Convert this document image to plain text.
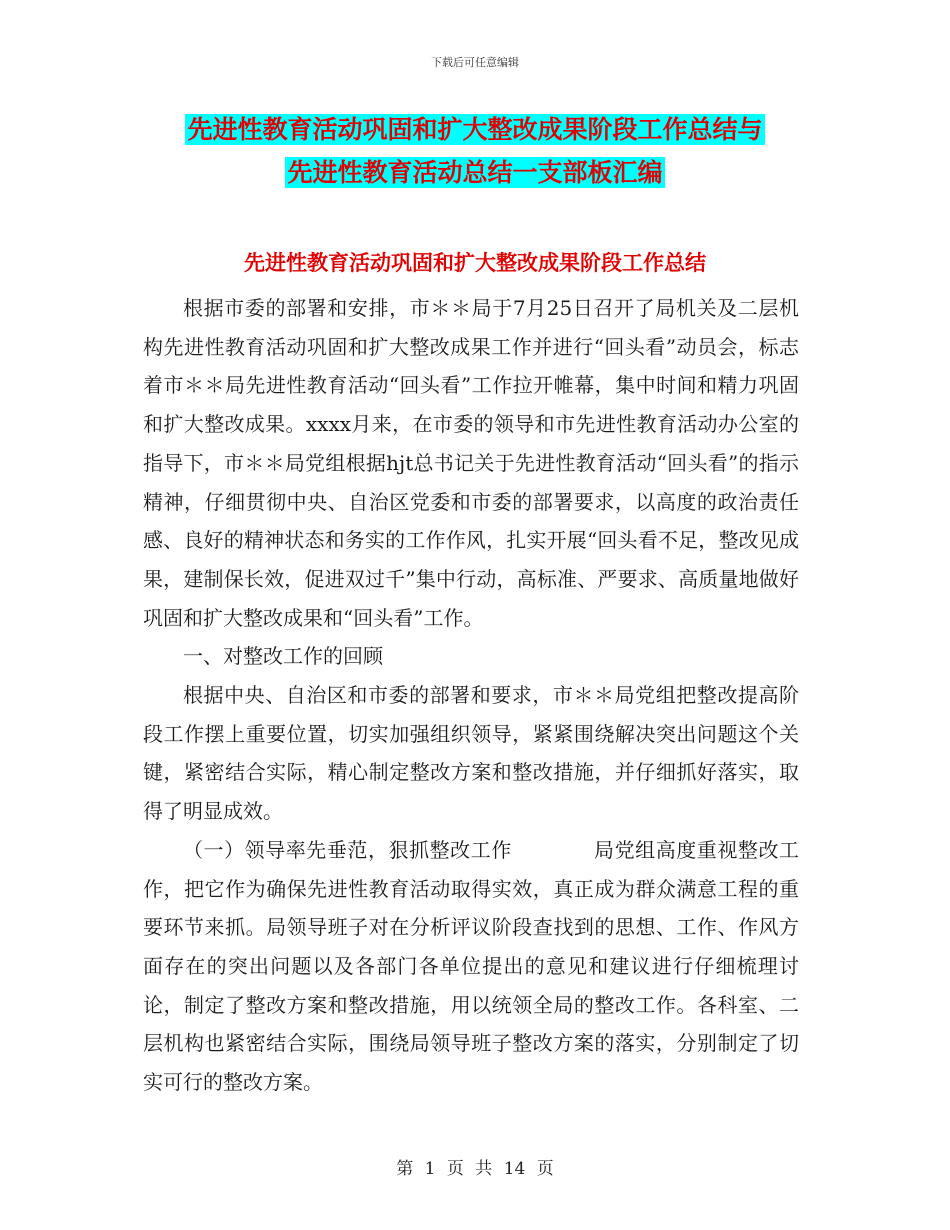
下载后可任意编辑
先进性教育活动巩固和扩大整改成果阶段工作总结与
先进性教育活动总结一支部板汇编
先进性教育活动巩固和扩大整改成果阶段工作总结

根据市委的部署和安排，市＊＊局于7月25日召开了局机关及二层机构先进性教育活动巩固和扩大整改成果工作并进行“回头看”动员会，标志着市＊＊局先进性教育活动“回头看”工作拉开帷幕，集中时间和精力巩固和扩大整改成果。xxxx月来，在市委的领导和市先进性教育活动办公室的指导下，市＊＊局党组根据hjt总书记关于先进性教育活动“回头看”的指示精神，仔细贯彻中央、自治区党委和市委的部署要求，以高度的政治责任感、良好的精神状态和务实的工作作风，扎实开展“回头看不足，整改见成果，建制保长效，促进双过千”集中行动，高标准、严要求、高质量地做好巩固和扩大整改成果和“回头看”工作。

一、对整改工作的回顾

根据中央、自治区和市委的部署和要求，市＊＊局党组把整改提高阶段工作摆上重要位置，切实加强组织领导，紧紧围绕解决突出问题这个关键，紧密结合实际，精心制定整改方案和整改措施，并仔细抓好落实，取得了明显成效。

（一）领导率先垂范，狠抓整改工作　　　　局党组高度重视整改工作，把它作为确保先进性教育活动取得实效，真正成为群众满意工程的重要环节来抓。局领导班子对在分析评议阶段查找到的思想、工作、作风方面存在的突出问题以及各部门各单位提出的意见和建议进行仔细梳理讨论，制定了整改方案和整改措施，用以统领全局的整改工作。各科室、二层机构也紧密结合实际，围绕局领导班子整改方案的落实，分别制定了切实可行的整改方案。

第 1 页 共 14 页
